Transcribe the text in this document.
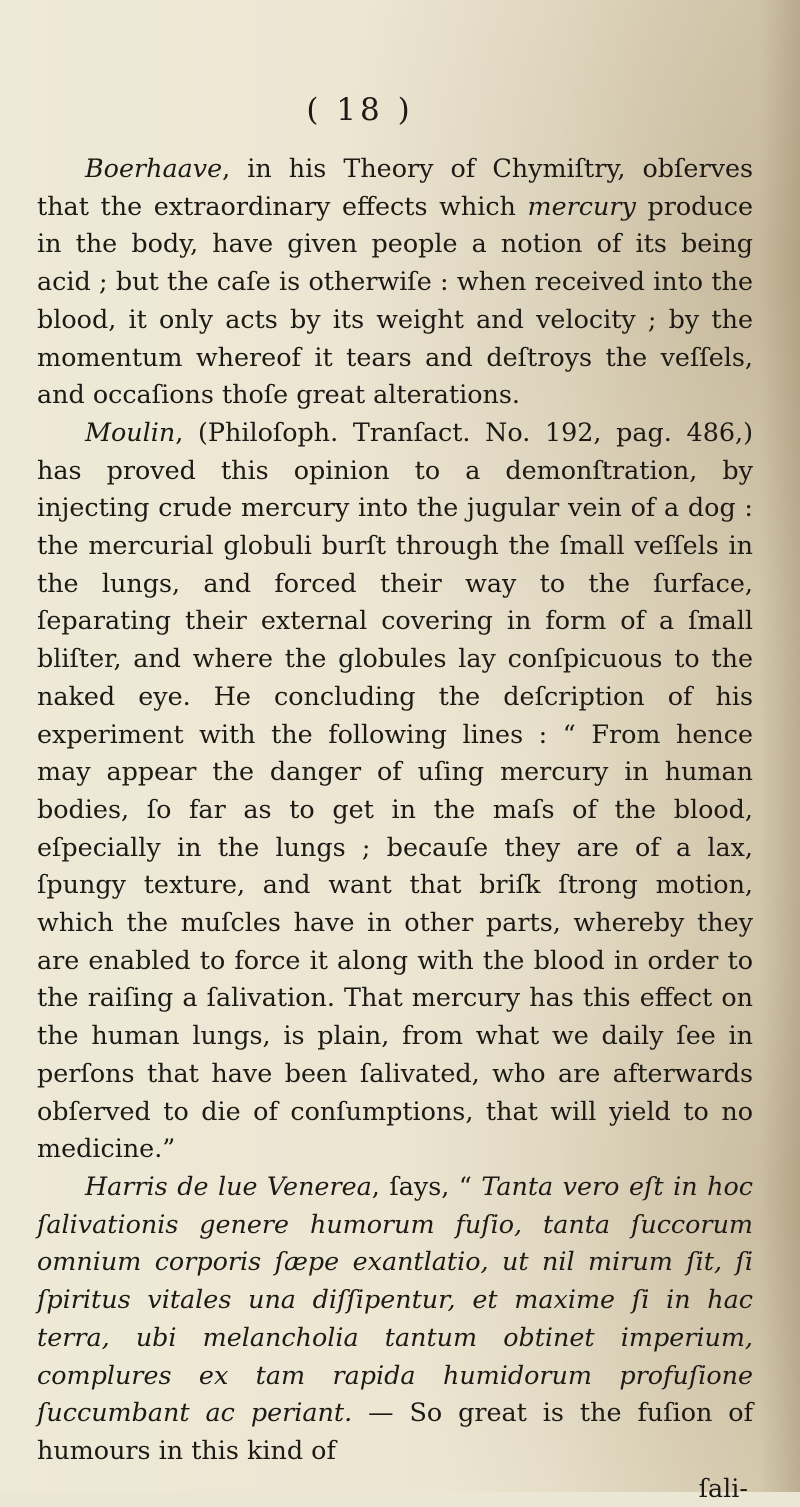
( 18 )

Boerhaave, in his Theory of Chymiſtry, obſerves that the extraordinary effects which mercury produce in the body, have given people a notion of its being acid ; but the caſe is otherwiſe : when received into the blood, it only acts by its weight and velocity ; by the momentum whereof it tears and deſtroys the veſſels, and occaſions thoſe great alterations.

Moulin, (Philoſoph. Tranſact. No. 192, pag. 486,) has proved this opinion to a demonſtration, by injecting crude mercury into the jugular vein of a dog : the mercurial globuli burſt through the ſmall veſſels in the lungs, and forced their way to the ſurface, ſeparating their external covering in form of a ſmall bliſter, and where the globules lay conſpicuous to the naked eye. He concluding the deſcription of his experiment with the following lines : “ From hence may appear the danger of uſing mercury in human bodies, ſo far as to get in the maſs of the blood, eſpecially in the lungs ; becauſe they are of a lax, ſpungy texture, and want that briſk ſtrong motion, which the muſcles have in other parts, whereby they are enabled to force it along with the blood in order to the raiſing a ſalivation. That mercury has this effect on the human lungs, is plain, from what we daily ſee in perſons that have been ſalivated, who are afterwards obſerved to die of conſumptions, that will yield to no medicine.”

Harris de lue Venerea, ſays, “ Tanta vero eſt in hoc ſalivationis genere humorum fuſio, tanta ſuccorum omnium corporis ſæpe exantlatio, ut nil mirum ſit, ſi ſpiritus vitales una diſſipentur, et maxime ſi in hac terra, ubi melancholia tantum obtinet imperium, complures ex tam rapida humidorum profuſione ſuccumbant ac periant. — So great is the fuſion of humours in this kind of

ſali-
